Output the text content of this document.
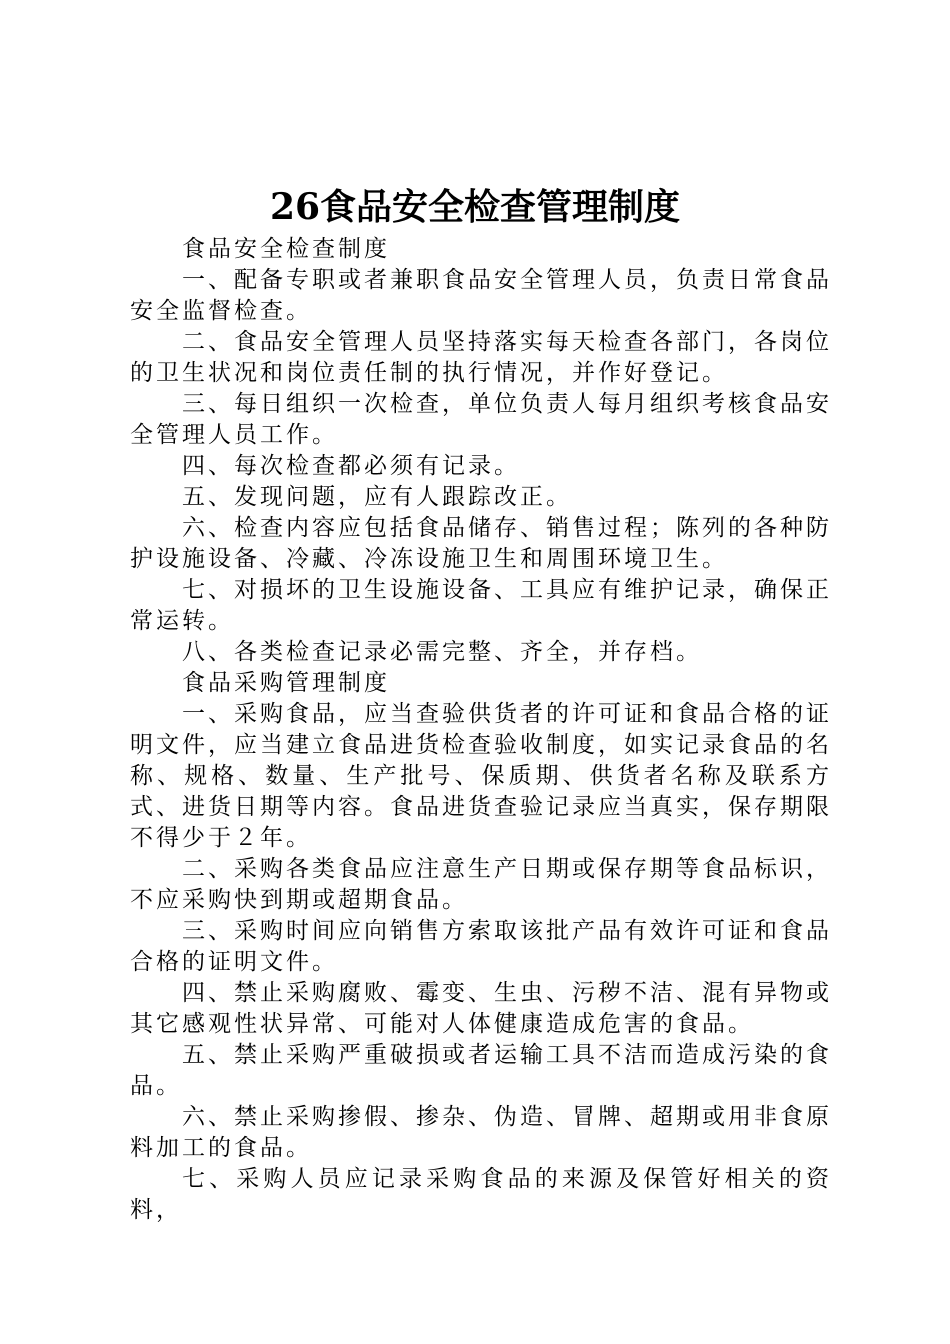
26食品安全检查管理制度

食品安全检查制度

一、配备专职或者兼职食品安全管理人员，负责日常食品安全监督检查。

二、食品安全管理人员坚持落实每天检查各部门，各岗位的卫生状况和岗位责任制的执行情况，并作好登记。

三、每日组织一次检查，单位负责人每月组织考核食品安全管理人员工作。

四、每次检查都必须有记录。

五、发现问题，应有人跟踪改正。

六、检查内容应包括食品储存、销售过程；陈列的各种防护设施设备、冷藏、冷冻设施卫生和周围环境卫生。

七、对损坏的卫生设施设备、工具应有维护记录，确保正常运转。

八、各类检查记录必需完整、齐全，并存档。

食品采购管理制度

一、采购食品，应当查验供货者的许可证和食品合格的证明文件，应当建立食品进货检查验收制度，如实记录食品的名称、规格、数量、生产批号、保质期、供货者名称及联系方式、进货日期等内容。食品进货查验记录应当真实，保存期限不得少于２年。

二、采购各类食品应注意生产日期或保存期等食品标识，不应采购快到期或超期食品。

三、采购时间应向销售方索取该批产品有效许可证和食品合格的证明文件。

四、禁止采购腐败、霉变、生虫、污秽不洁、混有异物或其它感观性状异常、可能对人体健康造成危害的食品。

五、禁止采购严重破损或者运输工具不洁而造成污染的食品。

六、禁止采购掺假、掺杂、伪造、冒牌、超期或用非食原料加工的食品。

七、采购人员应记录采购食品的来源及保管好相关的资料，
